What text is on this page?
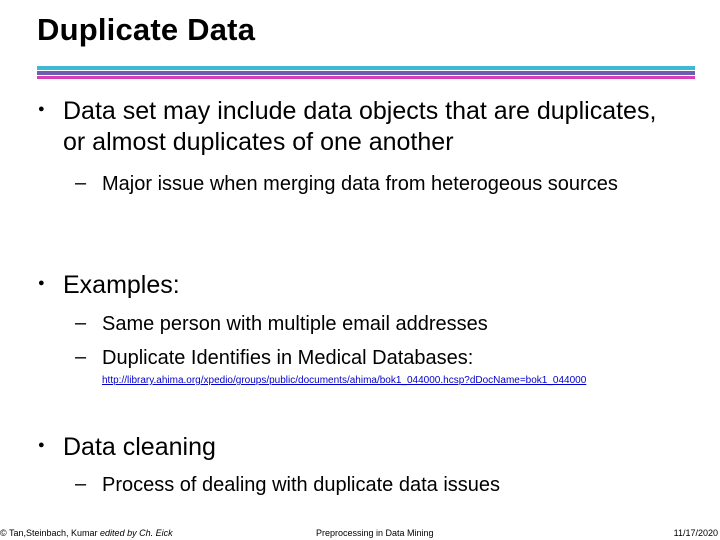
Duplicate Data
● Data set may include data objects that are duplicates, or almost duplicates of one another
– Major issue when merging data from heterogeous sources
● Examples:
– Same person with multiple email addresses
– Duplicate Identifies in Medical Databases:
http://library.ahima.org/xpedio/groups/public/documents/ahima/bok1_044000.hcsp?dDocName=bok1_044000
● Data cleaning
– Process of dealing with duplicate data issues
© Tan,Steinbach, Kumar edited by Ch. Eick	Preprocessing in Data Mining	11/17/2020
